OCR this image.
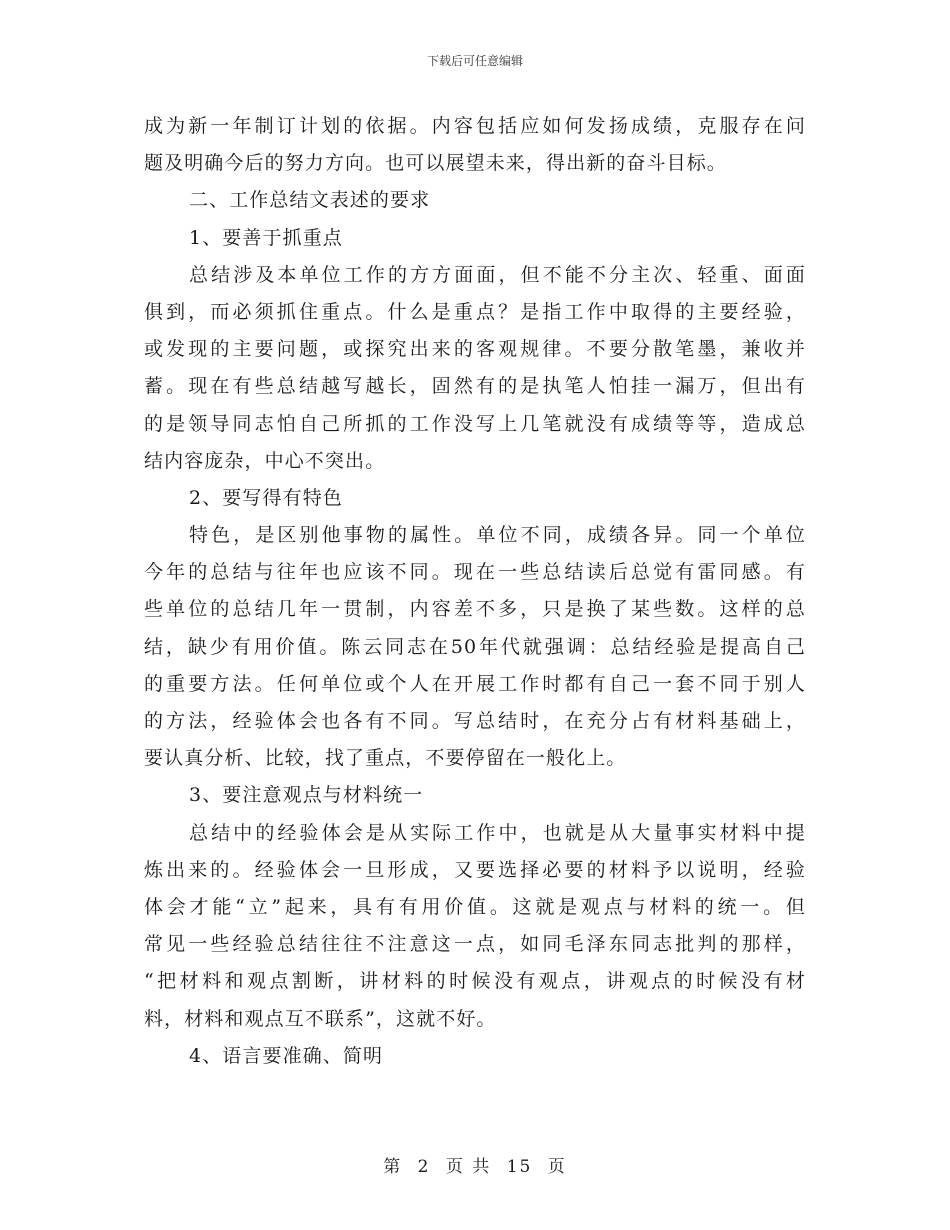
下载后可任意编辑
成为新一年制订计划的依据。内容包括应如何发扬成绩，克服存在问
题及明确今后的努力方向。也可以展望未来，得出新的奋斗目标。
二、工作总结文表述的要求
1、要善于抓重点
总结涉及本单位工作的方方面面，但不能不分主次、轻重、面面
俱到，而必须抓住重点。什么是重点？是指工作中取得的主要经验，
或发现的主要问题，或探究出来的客观规律。不要分散笔墨，兼收并
蓄。现在有些总结越写越长，固然有的是执笔人怕挂一漏万，但出有
的是领导同志怕自己所抓的工作没写上几笔就没有成绩等等，造成总
结内容庞杂，中心不突出。
2、要写得有特色
特色，是区别他事物的属性。单位不同，成绩各异。同一个单位
今年的总结与往年也应该不同。现在一些总结读后总觉有雷同感。有
些单位的总结几年一贯制，内容差不多，只是换了某些数。这样的总
结，缺少有用价值。陈云同志在50年代就强调：总结经验是提高自己
的重要方法。任何单位或个人在开展工作时都有自己一套不同于别人
的方法，经验体会也各有不同。写总结时，在充分占有材料基础上，
要认真分析、比较，找了重点，不要停留在一般化上。
3、要注意观点与材料统一
总结中的经验体会是从实际工作中，也就是从大量事实材料中提
炼出来的。经验体会一旦形成，又要选择必要的材料予以说明，经验
体会才能“立”起来，具有有用价值。这就是观点与材料的统一。但
常见一些经验总结往往不注意这一点，如同毛泽东同志批判的那样，
“把材料和观点割断，讲材料的时候没有观点，讲观点的时候没有材
料，材料和观点互不联系”，这就不好。
4、语言要准确、简明
第 2 页 共 15 页
